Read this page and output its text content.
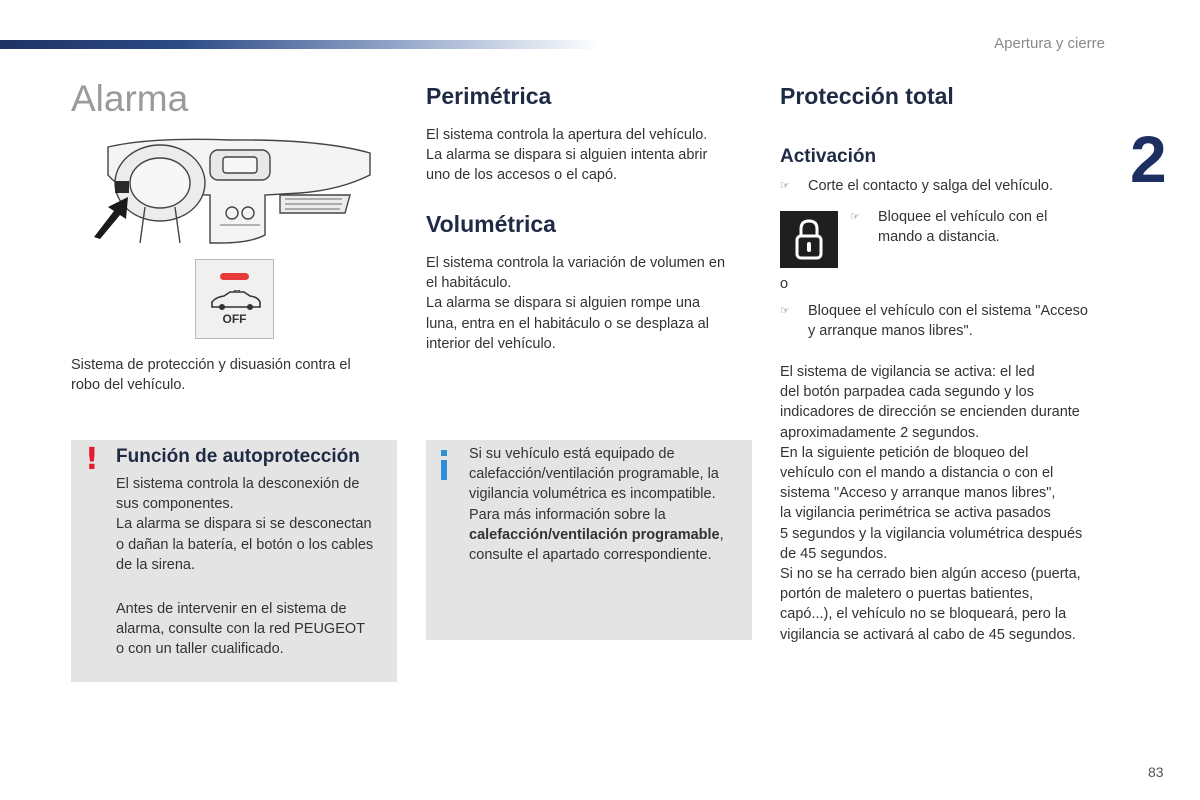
Apertura y cierre
2
83
Alarma
OFF

Sistema de protección y disuasión contra el
robo del vehículo.

! Función de autoprotección

El sistema controla la desconexión de
sus componentes.
La alarma se dispara si se desconectan
o dañan la batería, el botón o los cables
de la sirena.

Antes de intervenir en el sistema de
alarma, consulte con la red PEUGEOT
o con un taller cualificado.

Perimétrica

El sistema controla la apertura del vehículo.
La alarma se dispara si alguien intenta abrir
uno de los accesos o el capó.

Volumétrica

El sistema controla la variación de volumen en
el habitáculo.
La alarma se dispara si alguien rompe una
luna, entra en el habitáculo o se desplaza al
interior del vehículo.

Si su vehículo está equipado de
calefacción/ventilación programable, la
vigilancia volumétrica es incompatible.
Para más información sobre la
calefacción/ventilación programable,
consulte el apartado correspondiente.

Protección total
Activación
☞	Corte el contacto y salga del vehículo.
☞	Bloquee el vehículo con el
mando a distancia.

o

☞	Bloquee el vehículo con el sistema "Acceso
y arranque manos libres".

El sistema de vigilancia se activa: el led
del botón parpadea cada segundo y los
indicadores de dirección se encienden durante
aproximadamente 2 segundos.
En la siguiente petición de bloqueo del
vehículo con el mando a distancia o con el
sistema "Acceso y arranque manos libres",
la vigilancia perimétrica se activa pasados
5 segundos y la vigilancia volumétrica después
de 45 segundos.
Si no se ha cerrado bien algún acceso (puerta,
portón de maletero o puertas batientes,
capó...), el vehículo no se bloqueará, pero la
vigilancia se activará al cabo de 45 segundos.
